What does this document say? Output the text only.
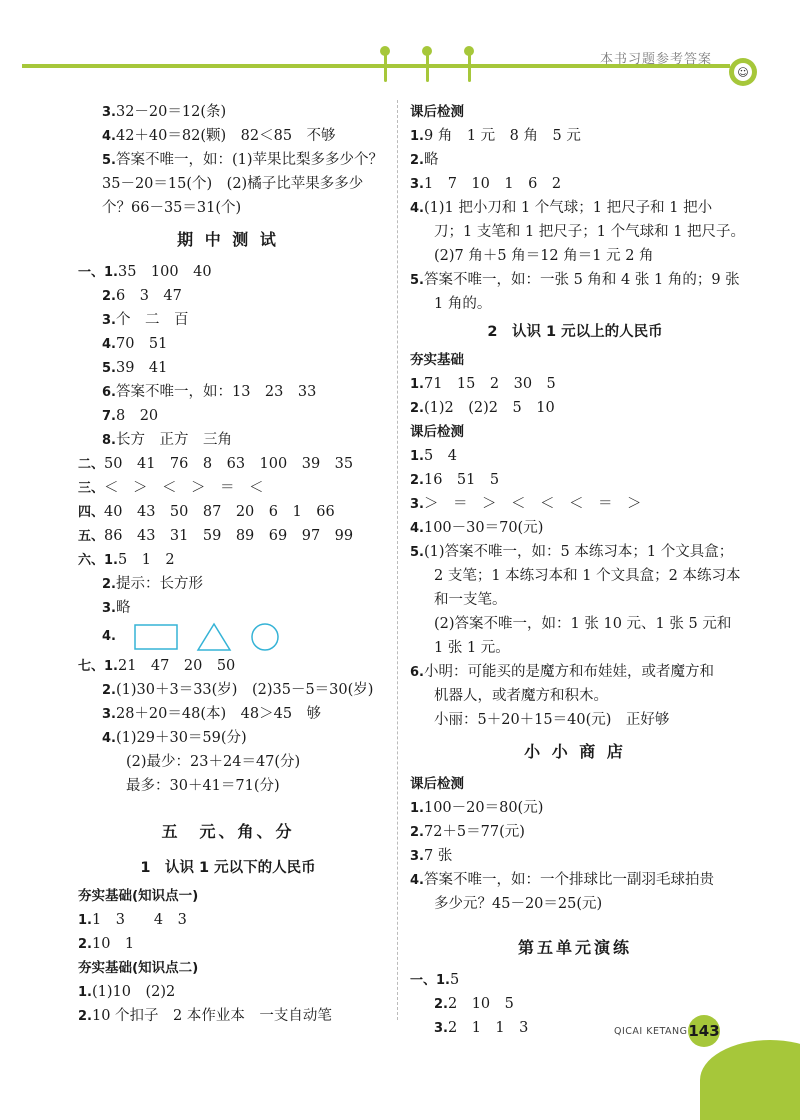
本书习题参考答案
☺
3.32－20＝12(条)
4.42＋40＝82(颗)　82＜85　不够
5.答案不唯一，如：(1)苹果比梨多多少个？
35－20＝15(个)　(2)橘子比苹果多多少
个？66－35＝31(个)
期 中 测 试
一、1.35　100　40
2.6　3　47
3.个　二　百
4.70　51
5.39　41
6.答案不唯一，如：13　23　33
7.8　20
8.长方　正方　三角
二、50　41　76　8　63　100　39　35
三、＜　＞　＜　＞　＝　＜
四、40　43　50　87　20　6　1　66
五、86　43　31　59　89　69　97　99
六、1.5　1　2
2.提示：长方形
3.略
4.
七、1.21　47　20　50
2.(1)30＋3＝33(岁)　(2)35－5＝30(岁)
3.28＋20＝48(本)　48＞45　够
4.(1)29＋30＝59(分)
(2)最少：23＋24＝47(分)
最多：30＋41＝71(分)
五　元、角、分
1　认识 1 元以下的人民币
夯实基础(知识点一)
1.1　3　　4　3
2.10　1
夯实基础(知识点二)
1.(1)10　(2)2
2.10 个扣子　2 本作业本　一支自动笔
课后检测
1.9 角　1 元　8 角　5 元
2.略
3.1　7　10　1　6　2
4.(1)1 把小刀和 1 个气球；1 把尺子和 1 把小
刀；1 支笔和 1 把尺子；1 个气球和 1 把尺子。
(2)7 角＋5 角＝12 角＝1 元 2 角
5.答案不唯一，如：一张 5 角和 4 张 1 角的；9 张
1 角的。
2　认识 1 元以上的人民币
夯实基础
1.71　15　2　30　5
2.(1)2　(2)2　5　10
课后检测
1.5　4
2.16　51　5
3.＞　＝　＞　＜　＜　＜　＝　＞
4.100－30＝70(元)
5.(1)答案不唯一，如：5 本练习本；1 个文具盒；
2 支笔；1 本练习本和 1 个文具盒；2 本练习本
和一支笔。
(2)答案不唯一，如：1 张 10 元、1 张 5 元和
1 张 1 元。
6.小明：可能买的是魔方和布娃娃，或者魔方和
机器人，或者魔方和积木。
小丽：5＋20＋15＝40(元)　正好够
小 小 商 店
课后检测
1.100－20＝80(元)
2.72＋5＝77(元)
3.7 张
4.答案不唯一，如：一个排球比一副羽毛球拍贵
多少元？45－20＝25(元)
第五单元演练
一、1.5
2.2　10　5
3.2　1　1　3	QICAI KETANG 143
